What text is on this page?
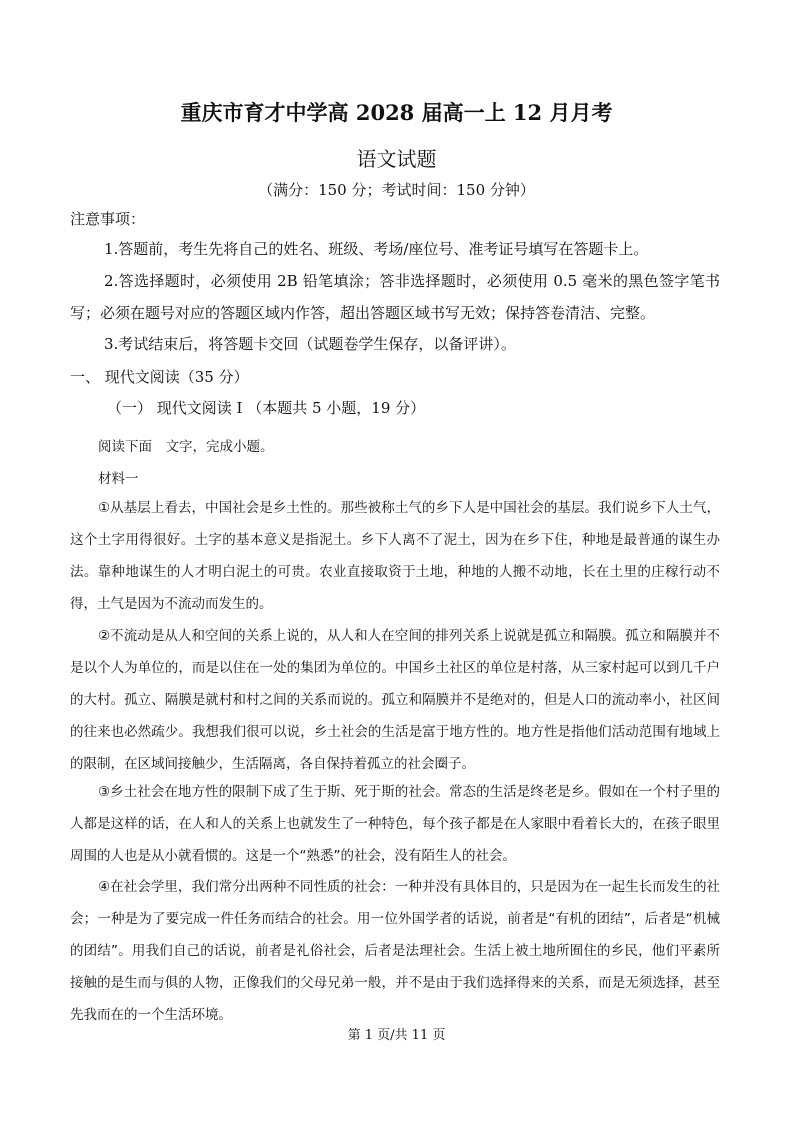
重庆市育才中学高 2028 届高一上 12 月月考
语文试题
（满分：150 分；考试时间：150 分钟）
注意事项：
1.答题前，考生先将自己的姓名、班级、考场/座位号、准考证号填写在答题卡上。
2.答选择题时，必须使用 2B 铅笔填涂；答非选择题时，必须使用 0.5 毫米的黑色签字笔书写；必须在题号对应的答题区域内作答，超出答题区域书写无效；保持答卷清洁、完整。
3.考试结束后，将答题卡交回（试题卷学生保存，以备评讲）。
一、 现代文阅读（35 分）
（一） 现代文阅读 I （本题共 5 小题，19 分）
阅读下面　文字，完成小题。
材料一
①从基层上看去，中国社会是乡土性的。那些被称土气的乡下人是中国社会的基层。我们说乡下人土气，这个土字用得很好。土字的基本意义是指泥土。乡下人离不了泥土，因为在乡下住，种地是最普通的谋生办法。靠种地谋生的人才明白泥土的可贵。农业直接取资于土地，种地的人搬不动地，长在土里的庄稼行动不得，土气是因为不流动而发生的。
②不流动是从人和空间的关系上说的，从人和人在空间的排列关系上说就是孤立和隔膜。孤立和隔膜并不是以个人为单位的，而是以住在一处的集团为单位的。中国乡土社区的单位是村落，从三家村起可以到几千户的大村。孤立、隔膜是就村和村之间的关系而说的。孤立和隔膜并不是绝对的，但是人口的流动率小，社区间的往来也必然疏少。我想我们很可以说，乡土社会的生活是富于地方性的。地方性是指他们活动范围有地域上的限制，在区域间接触少，生活隔离，各自保持着孤立的社会圈子。
③乡土社会在地方性的限制下成了生于斯、死于斯的社会。常态的生活是终老是乡。假如在一个村子里的人都是这样的话，在人和人的关系上也就发生了一种特色，每个孩子都是在人家眼中看着长大的，在孩子眼里周围的人也是从小就看惯的。这是一个“熟悉”的社会，没有陌生人的社会。
④在社会学里，我们常分出两种不同性质的社会：一种并没有具体目的，只是因为在一起生长而发生的社会；一种是为了要完成一件任务而结合的社会。用一位外国学者的话说，前者是“有机的团结”，后者是“机械的团结”。用我们自己的话说，前者是礼俗社会，后者是法理社会。生活上被土地所囿住的乡民，他们平素所接触的是生而与俱的人物，正像我们的父母兄弟一般，并不是由于我们选择得来的关系，而是无须选择，甚至先我而在的一个生活环境。
第 1 页/共 11 页
